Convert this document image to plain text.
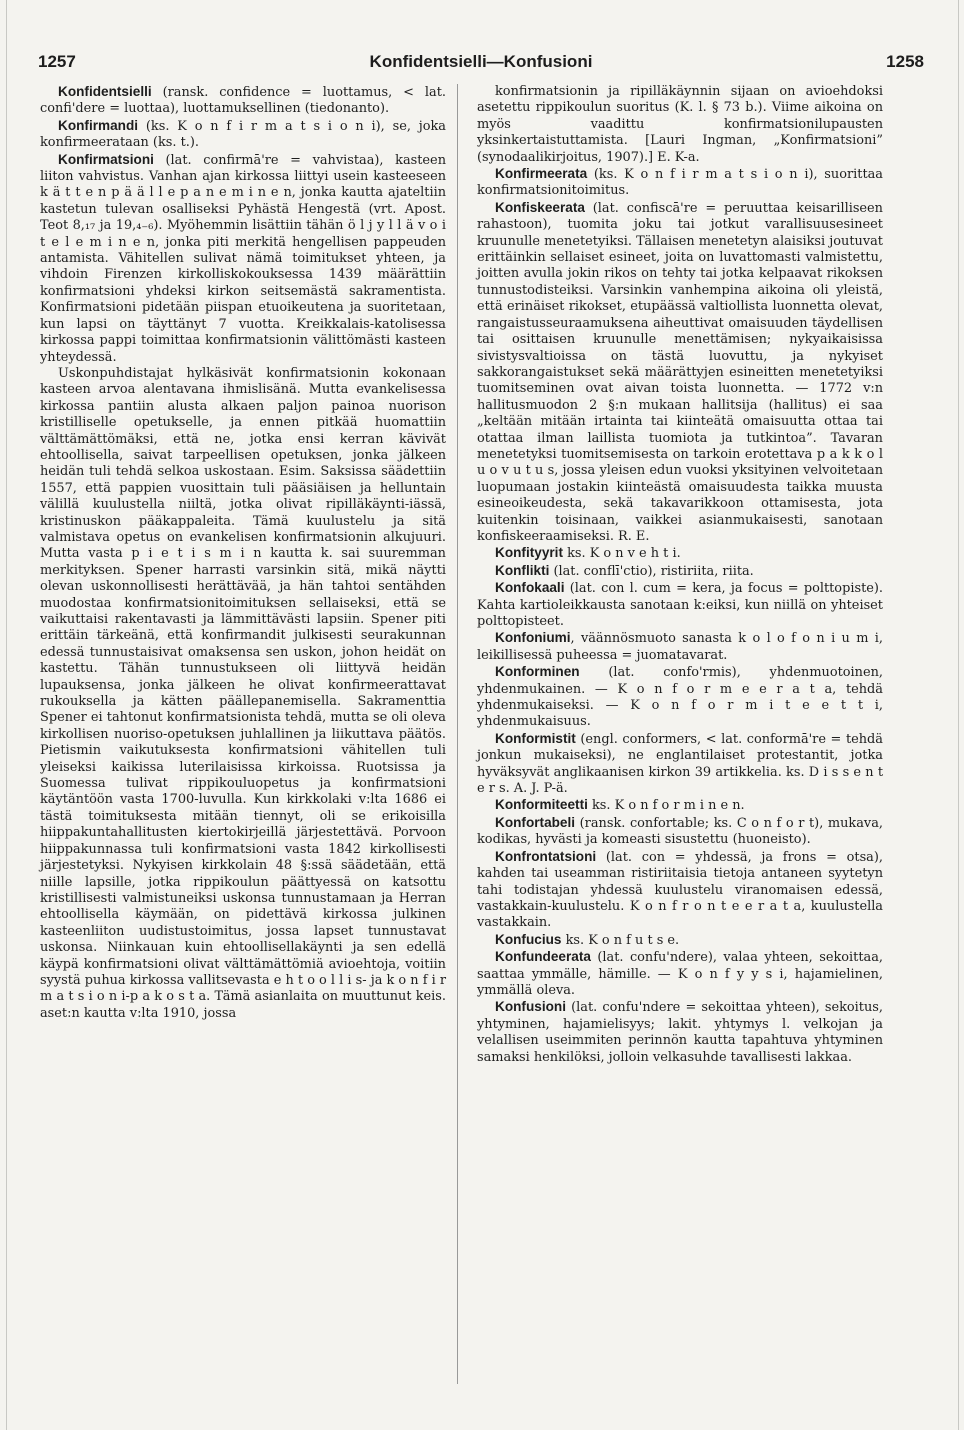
1257	Konfidentsielli—Konfusioni	1258

Konfidentsielli (ransk. confidence = luottamus, < lat. confi'dere = luottaa), luottamuksellinen (tiedonanto).

Konfirmandi (ks. K o n f i r m a t s i o n i), se, joka konfirmeerataan (ks. t.).

Konfirmatsioni (lat. confirmā're = vahvistaa), kasteen liiton vahvistus. Vanhan ajan kirkossa liittyi usein kasteeseen k ä t t e n p ä ä l l e p a n e m i n e n, jonka kautta ajateltiin kastetun tulevan osalliseksi Pyhästä Hengestä (vrt. Apost. Teot 8,₁₇ ja 19,₄₋₆). Myöhemmin lisättiin tähän ö l j y l l ä v o i t e l e m i n e n, jonka piti merkitä hengellisen pappeuden antamista. Vähitellen sulivat nämä toimitukset yhteen, ja vihdoin Firenzen kirkolliskokouksessa 1439 määrättiin konfirmatsioni yhdeksi kirkon seitsemästä sakramentista. Konfirmatsioni pidetään piispan etuoikeutena ja suoritetaan, kun lapsi on täyttänyt 7 vuotta. Kreikkalais-katolisessa kirkossa pappi toimittaa konfirmatsionin välittömästi kasteen yhteydessä.

Uskonpuhdistajat hylkäsivät konfirmatsionin kokonaan kasteen arvoa alentavana ihmislisänä. Mutta evankelisessa kirkossa pantiin alusta alkaen paljon painoa nuorison kristilliselle opetukselle, ja ennen pitkää huomattiin välttämättömäksi, että ne, jotka ensi kerran kävivät ehtoollisella, saivat tarpeellisen opetuksen, jonka jälkeen heidän tuli tehdä selkoa uskostaan. Esim. Saksissa säädettiin 1557, että pappien vuosittain tuli pääsiäisen ja helluntain välillä kuulustella niiltä, jotka olivat ripilläkäynti-iässä, kristinuskon pääkappaleita. Tämä kuulustelu ja sitä valmistava opetus on evankelisen konfirmatsionin alkujuuri. Mutta vasta p i e t i s m i n kautta k. sai suuremman merkityksen. Spener harrasti varsinkin sitä, mikä näytti olevan uskonnollisesti herättävää, ja hän tahtoi sentähden muodostaa konfirmatsionitoimituksen sellaiseksi, että se vaikuttaisi rakentavasti ja lämmittävästi lapsiin. Spener piti erittäin tärkeänä, että konfirmandit julkisesti seurakunnan edessä tunnustaisivat omaksensa sen uskon, johon heidät on kastettu. Tähän tunnustukseen oli liittyvä heidän lupauksensa, jonka jälkeen he olivat konfirmeerattavat rukouksella ja kätten päällepanemisella. Sakramenttia Spener ei tahtonut konfirmatsionista tehdä, mutta se oli oleva kirkollisen nuoriso-opetuksen juhlallinen ja liikuttava päätös. Pietismin vaikutuksesta konfirmatsioni vähitellen tuli yleiseksi kaikissa luterilaisissa kirkoissa. Ruotsissa ja Suomessa tulivat rippikouluopetus ja konfirmatsioni käytäntöön vasta 1700-luvulla. Kun kirkkolaki v:lta 1686 ei tästä toimituksesta mitään tiennyt, oli se erikoisilla hiippakuntahallitusten kiertokirjeillä järjestettävä. Porvoon hiippakunnassa tuli konfirmatsioni vasta 1842 kirkollisesti järjestetyksi. Nykyisen kirkkolain 48 §:ssä säädetään, että niille lapsille, jotka rippikoulun päättyessä on katsottu kristillisesti valmistuneiksi uskonsa tunnustamaan ja Herran ehtoollisella käymään, on pidettävä kirkossa julkinen kasteenliiton uudistustoimitus, jossa lapset tunnustavat uskonsa. Niinkauan kuin ehtoollisellakäynti ja sen edellä käypä konfirmatsioni olivat välttämättömiä avioehtoja, voitiin syystä puhua kirkossa vallitsevasta e h t o o l l i s- ja k o n f i r m a t s i o n i-p a k o s t a. Tämä asianlaita on muuttunut keis. aset:n kautta v:lta 1910, jossa

konfirmatsionin ja ripilläkäynnin sijaan on avioehdoksi asetettu rippikoulun suoritus (K. l. § 73 b.). Viime aikoina on myös vaadittu konfirmatsionilupausten yksinkertaistuttamista. [Lauri Ingman, „Konfirmatsioni” (synodaalikirjoitus, 1907).] E. K-a.

Konfirmeerata (ks. K o n f i r m a t s i o n i), suorittaa konfirmatsionitoimitus.

Konfiskeerata (lat. confiscā're = peruuttaa keisarilliseen rahastoon), tuomita joku tai jotkut varallisuusesineet kruunulle menetetyiksi. Tällaisen menetetyn alaisiksi joutuvat erittäinkin sellaiset esineet, joita on luvattomasti valmistettu, joitten avulla jokin rikos on tehty tai jotka kelpaavat rikoksen tunnustodisteiksi. Varsinkin vanhempina aikoina oli yleistä, että erinäiset rikokset, etupäässä valtiollista luonnetta olevat, rangaistusseuraamuksena aiheuttivat omaisuuden täydellisen tai osittaisen kruunulle menettämisen; nykyaikaisissa sivistysvaltioissa on tästä luovuttu, ja nykyiset sakkorangaistukset sekä määrättyjen esineitten menetetyiksi tuomitseminen ovat aivan toista luonnetta. — 1772 v:n hallitusmuodon 2 §:n mukaan hallitsija (hallitus) ei saa „keltään mitään irtainta tai kiinteätä omaisuutta ottaa tai otattaa ilman laillista tuomiota ja tutkintoa”. Tavaran menetetyksi tuomitsemisesta on tarkoin erotettava p a k k o l u o v u t u s, jossa yleisen edun vuoksi yksityinen velvoitetaan luopumaan jostakin kiinteästä omaisuudesta taikka muusta esineoikeudesta, sekä takavarikkoon ottamisesta, jota kuitenkin toisinaan, vaikkei asianmukaisesti, sanotaan konfiskeeraamiseksi. R. E.

Konfityyrit ks. K o n v e h t i.

Konflikti (lat. conflī'ctio), ristiriita, riita.

Konfokaali (lat. con l. cum = kera, ja focus = polttopiste). Kahta kartioleikkausta sanotaan k:eiksi, kun niillä on yhteiset polttopisteet.

Konfoniumi, väännösmuoto sanasta k o l o f o n i u m i, leikillisessä puheessa = juomatavarat.

Konforminen (lat. confo'rmis), yhdenmuotoinen, yhdenmukainen. — K o n f o r m e e r a t a, tehdä yhdenmukaiseksi. — K o n f o r m i t e e t t i, yhdenmukaisuus.

Konformistit (engl. conformers, < lat. conformā're = tehdä jonkun mukaiseksi), ne englantilaiset protestantit, jotka hyväksyvät anglikaanisen kirkon 39 artikkelia. ks. D i s s e n t e r s. A. J. P-ä.

Konformiteetti ks. K o n f o r m i n e n.

Konfortabeli (ransk. confortable; ks. C o n f o r t), mukava, kodikas, hyvästi ja komeasti sisustettu (huoneisto).

Konfrontatsioni (lat. con = yhdessä, ja frons = otsa), kahden tai useamman ristiriitaisia tietoja antaneen syytetyn tahi todistajan yhdessä kuulustelu viranomaisen edessä, vastakkain-kuulustelu. K o n f r o n t e e r a t a, kuulustella vastakkain.

Konfucius ks. K o n f u t s e.

Konfundeerata (lat. confu'ndere), valaa yhteen, sekoittaa, saattaa ymmälle, hämille. — K o n f y y s i, hajamielinen, ymmällä oleva.

Konfusioni (lat. confu'ndere = sekoittaa yhteen), sekoitus, yhtyminen, hajamielisyys; lakit. yhtymys l. velkojan ja velallisen useimmiten perinnön kautta tapahtuva yhtyminen samaksi henkilöksi, jolloin velkasuhde tavallisesti lakkaa.
